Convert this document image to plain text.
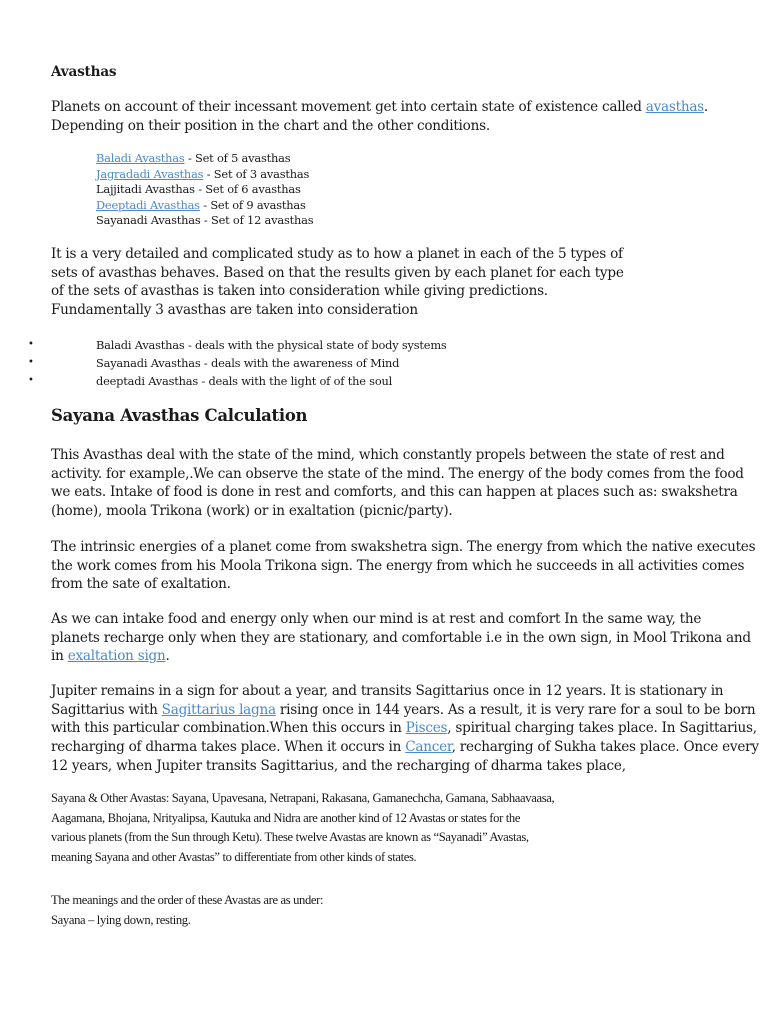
Avasthas
Planets on account of their incessant movement get into certain state of existence called avasthas.
Depending on their position in the chart and the other conditions.
Baladi Avasthas - Set of 5 avasthas
Jagradadi Avasthas - Set of 3 avasthas
Lajjitadi Avasthas - Set of 6 avasthas
Deeptadi Avasthas - Set of 9 avasthas
Sayanadi Avasthas - Set of 12 avasthas
It is a very detailed and complicated study as to how a planet in each of the 5 types of
sets of avasthas behaves. Based on that the results given by each planet for each type
of the sets of avasthas is taken into consideration while giving predictions.
Fundamentally 3 avasthas are taken into consideration
•	Baladi Avasthas - deals with the physical state of body systems
•	Sayanadi Avasthas - deals with the awareness of Mind
•	deeptadi Avasthas - deals with the light of of the soul
Sayana Avasthas Calculation
This Avasthas deal with the state of the mind, which constantly propels between the state of rest and
activity. for example,.We can observe the state of the mind. The energy of the body comes from the food
we eats. Intake of food is done in rest and comforts, and this can happen at places such as: swakshetra
(home), moola Trikona (work) or in exaltation (picnic/party).
The intrinsic energies of a planet come from swakshetra sign. The energy from which the native executes
the work comes from his Moola Trikona sign. The energy from which he succeeds in all activities comes
from the sate of exaltation.
As we can intake food and energy only when our mind is at rest and comfort In the same way, the
planets recharge only when they are stationary, and comfortable i.e in the own sign, in Mool Trikona and
in exaltation sign.
Jupiter remains in a sign for about a year, and transits Sagittarius once in 12 years. It is stationary in
Sagittarius with Sagittarius lagna rising once in 144 years. As a result, it is very rare for a soul to be born
with this particular combination.When this occurs in Pisces, spiritual charging takes place. In Sagittarius,
recharging of dharma takes place. When it occurs in Cancer, recharging of Sukha takes place. Once every
12 years, when Jupiter transits Sagittarius, and the recharging of dharma takes place,
Sayana & Other Avastas: Sayana, Upavesana, Netrapani, Rakasana, Gamanechcha, Gamana, Sabhaavaasa,
Aagamana, Bhojana, Nrityalipsa, Kautuka and Nidra are another kind of 12 Avastas or states for the
various planets (from the Sun through Ketu). These twelve Avastas are known as “Sayanadi” Avastas,
meaning Sayana and other Avastas” to differentiate from other kinds of states.
The meanings and the order of these Avastas are as under:
Sayana – lying down, resting.
